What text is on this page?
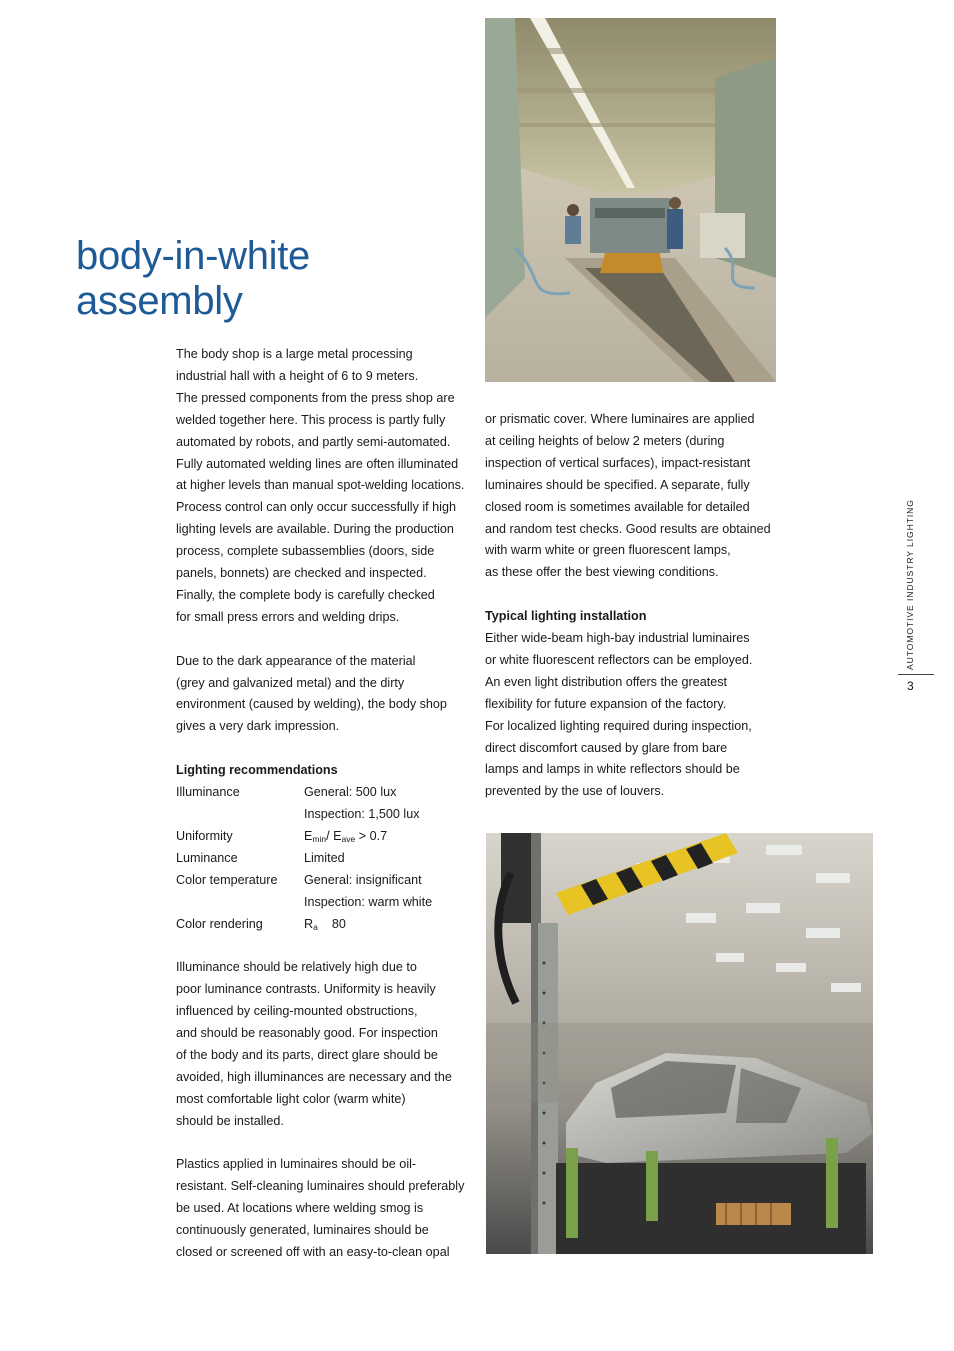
body-in-white
assembly

The body shop is a large metal processing
industrial hall with a height of 6 to 9 meters.
The pressed components from the press shop are
welded together here. This process is partly fully
automated by robots, and partly semi-automated.
Fully automated welding lines are often illuminated
at higher levels than manual spot-welding locations.
Process control can only occur successfully if high
lighting levels are available. During the production
process, complete subassemblies (doors, side
panels, bonnets) are checked and inspected.
Finally, the complete body is carefully checked
for small press errors and welding drips.

Due to the dark appearance of the material
(grey and galvanized metal) and the dirty
environment (caused by welding), the body shop
gives a very dark impression.

Lighting recommendations

Illuminance	General: 500 lux
	Inspection: 1,500 lux
Uniformity	$E_{min}/$ $E_{ave} > 0.7$
Luminance	Limited
Color temperature	General: insignificant
	Inspection: warm white
Color rendering	$R_a$ 80

Illuminance should be relatively high due to
poor luminance contrasts. Uniformity is heavily
influenced by ceiling-mounted obstructions,
and should be reasonably good. For inspection
of the body and its parts, direct glare should be
avoided, high illuminances are necessary and the
most comfortable light color (warm white)
should be installed.

Plastics applied in luminaires should be oil-
resistant. Self-cleaning luminaires should preferably
be used. At locations where welding smog is
continuously generated, luminaires should be
closed or screened off with an easy-to-clean opal

or prismatic cover. Where luminaires are applied
at ceiling heights of below 2 meters (during
inspection of vertical surfaces), impact-resistant
luminaires should be specified. A separate, fully
closed room is sometimes available for detailed
and random test checks. Good results are obtained
with warm white or green fluorescent lamps,
as these offer the best viewing conditions.

Typical lighting installation

Either wide-beam high-bay industrial luminaires
or white fluorescent reflectors can be employed.
An even light distribution offers the greatest
flexibility for future expansion of the factory.
For localized lighting required during inspection,
direct discomfort caused by glare from bare
lamps and lamps in white reflectors should be
prevented by the use of louvers.

AUTOMOTIVE INDUSTRY LIGHTING
3
